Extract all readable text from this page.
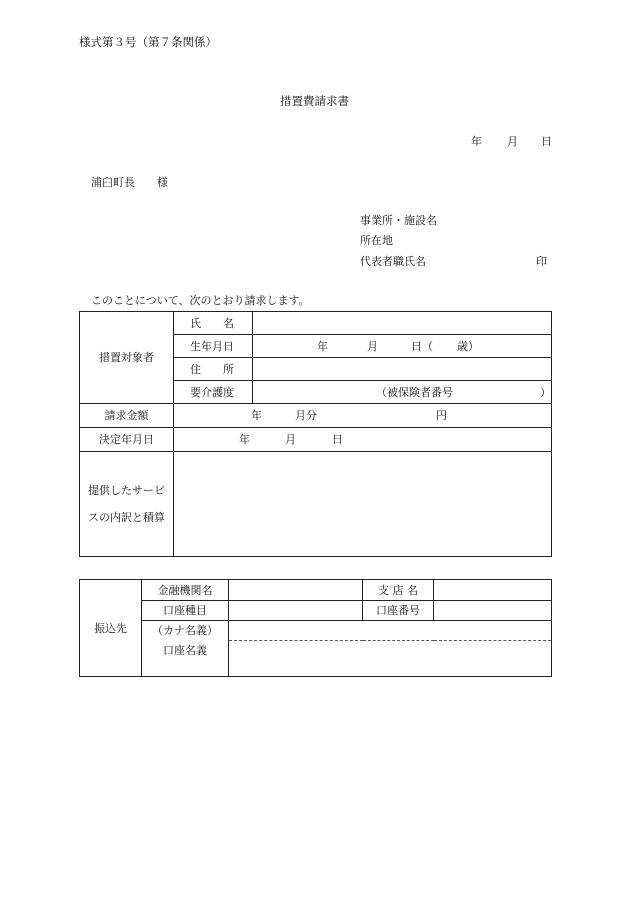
様式第３号（第７条関係）
措置費請求書
年 月 日
浦臼町長　　様
事業所・施設名
所在地
代表者職氏名	印
このことについて、次のとおり請求します。
措置対象者	氏　　名	
	生年月日	年 月 日（ 歳）

	住　　所	
	要介護度	（被保険者番号 ）

請求金額	年 月分 円	

決定年月日	年 月 日	

提供したサービ
スの内訳と積算		

振込先	金融機関名		支 店 名	
	口座種目		口座番号	
	（カナ名義）			
	口座名義			
